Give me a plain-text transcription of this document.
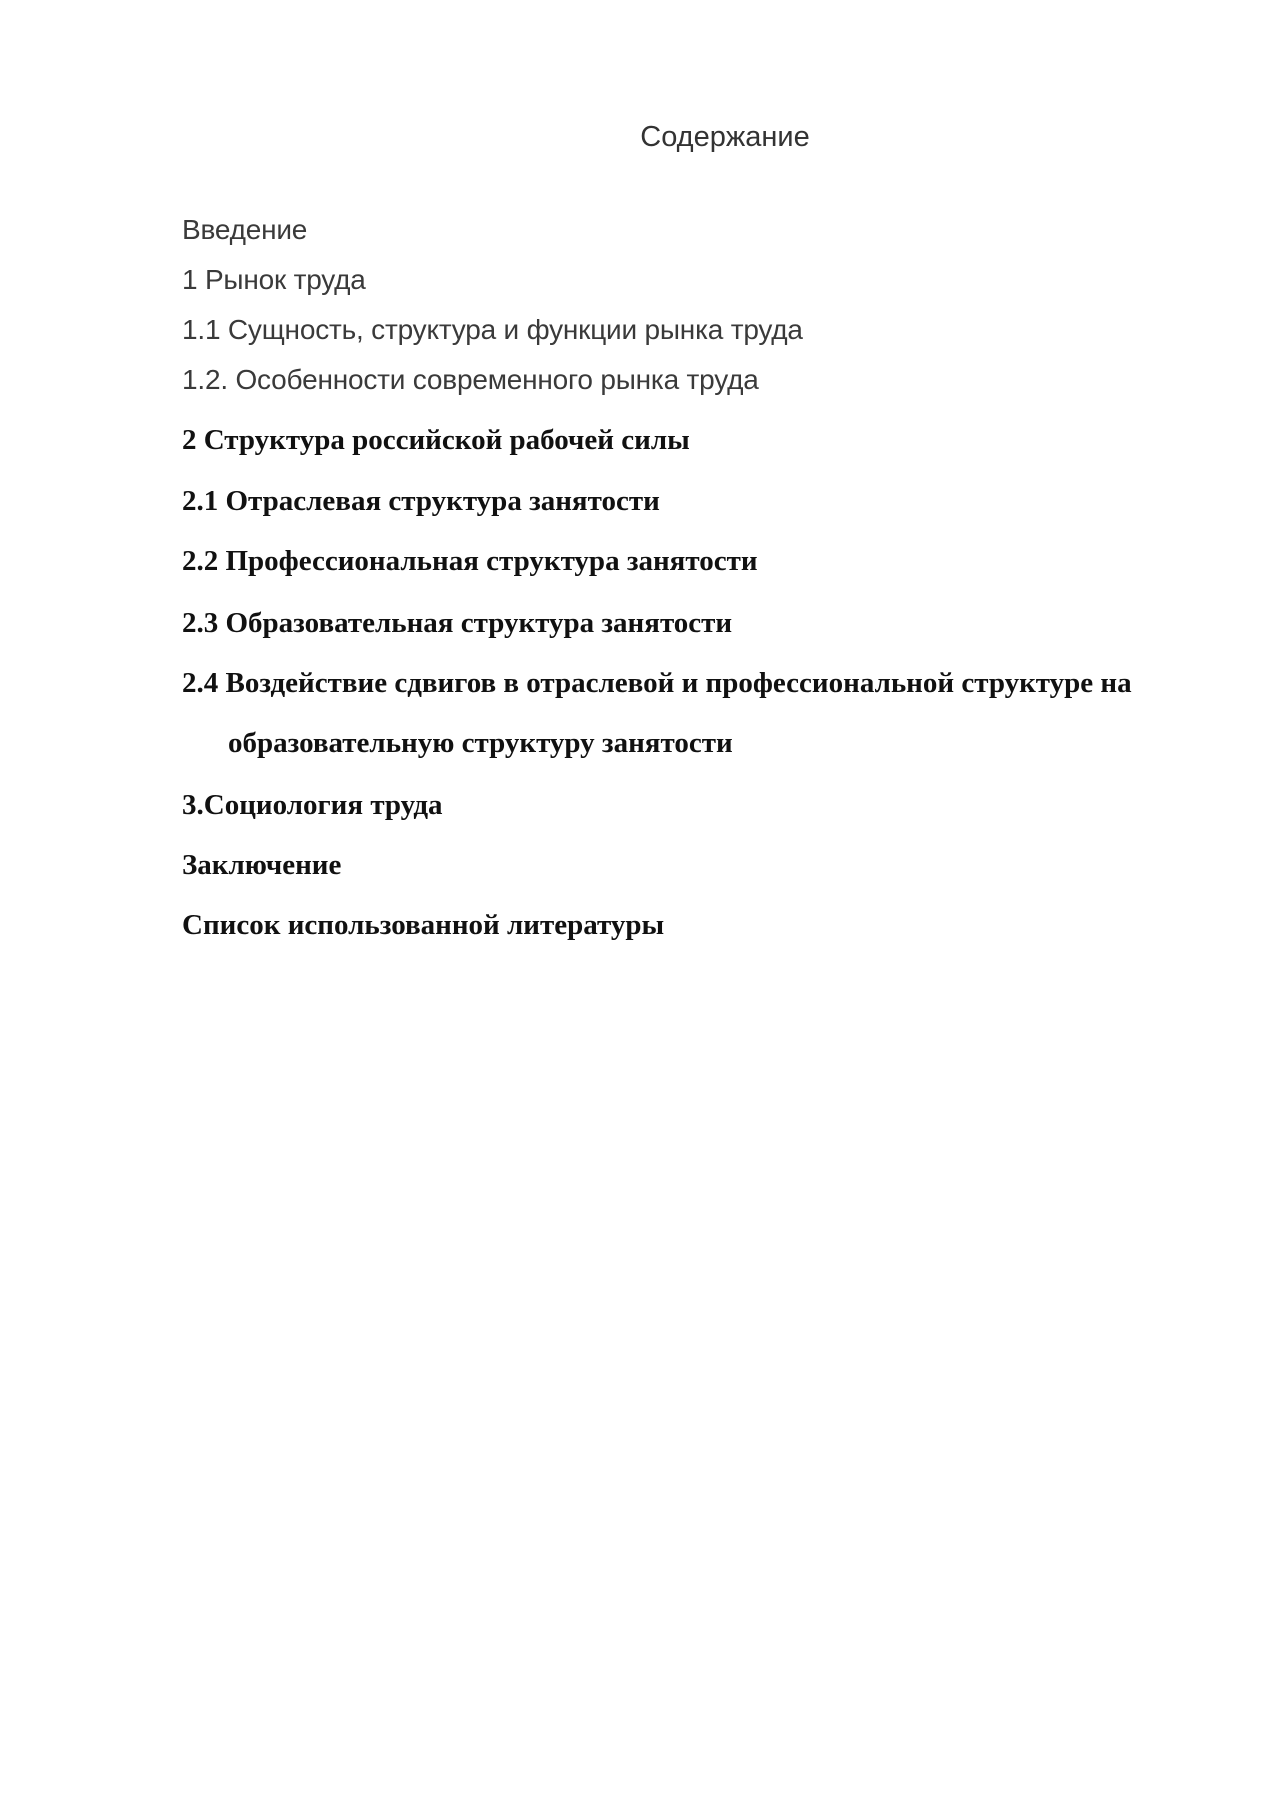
Содержание

Введение

1 Рынок труда

1.1 Сущность, структура и функции рынка труда

1.2. Особенности современного рынка труда

2 Структура российской рабочей силы

2.1 Отраслевая структура занятости

2.2 Профессиональная структура занятости

2.3 Образовательная структура занятости

2.4 Воздействие сдвигов в отраслевой и профессиональной структуре на

образовательную структуру занятости

3.Социология труда

Заключение

Список использованной литературы
